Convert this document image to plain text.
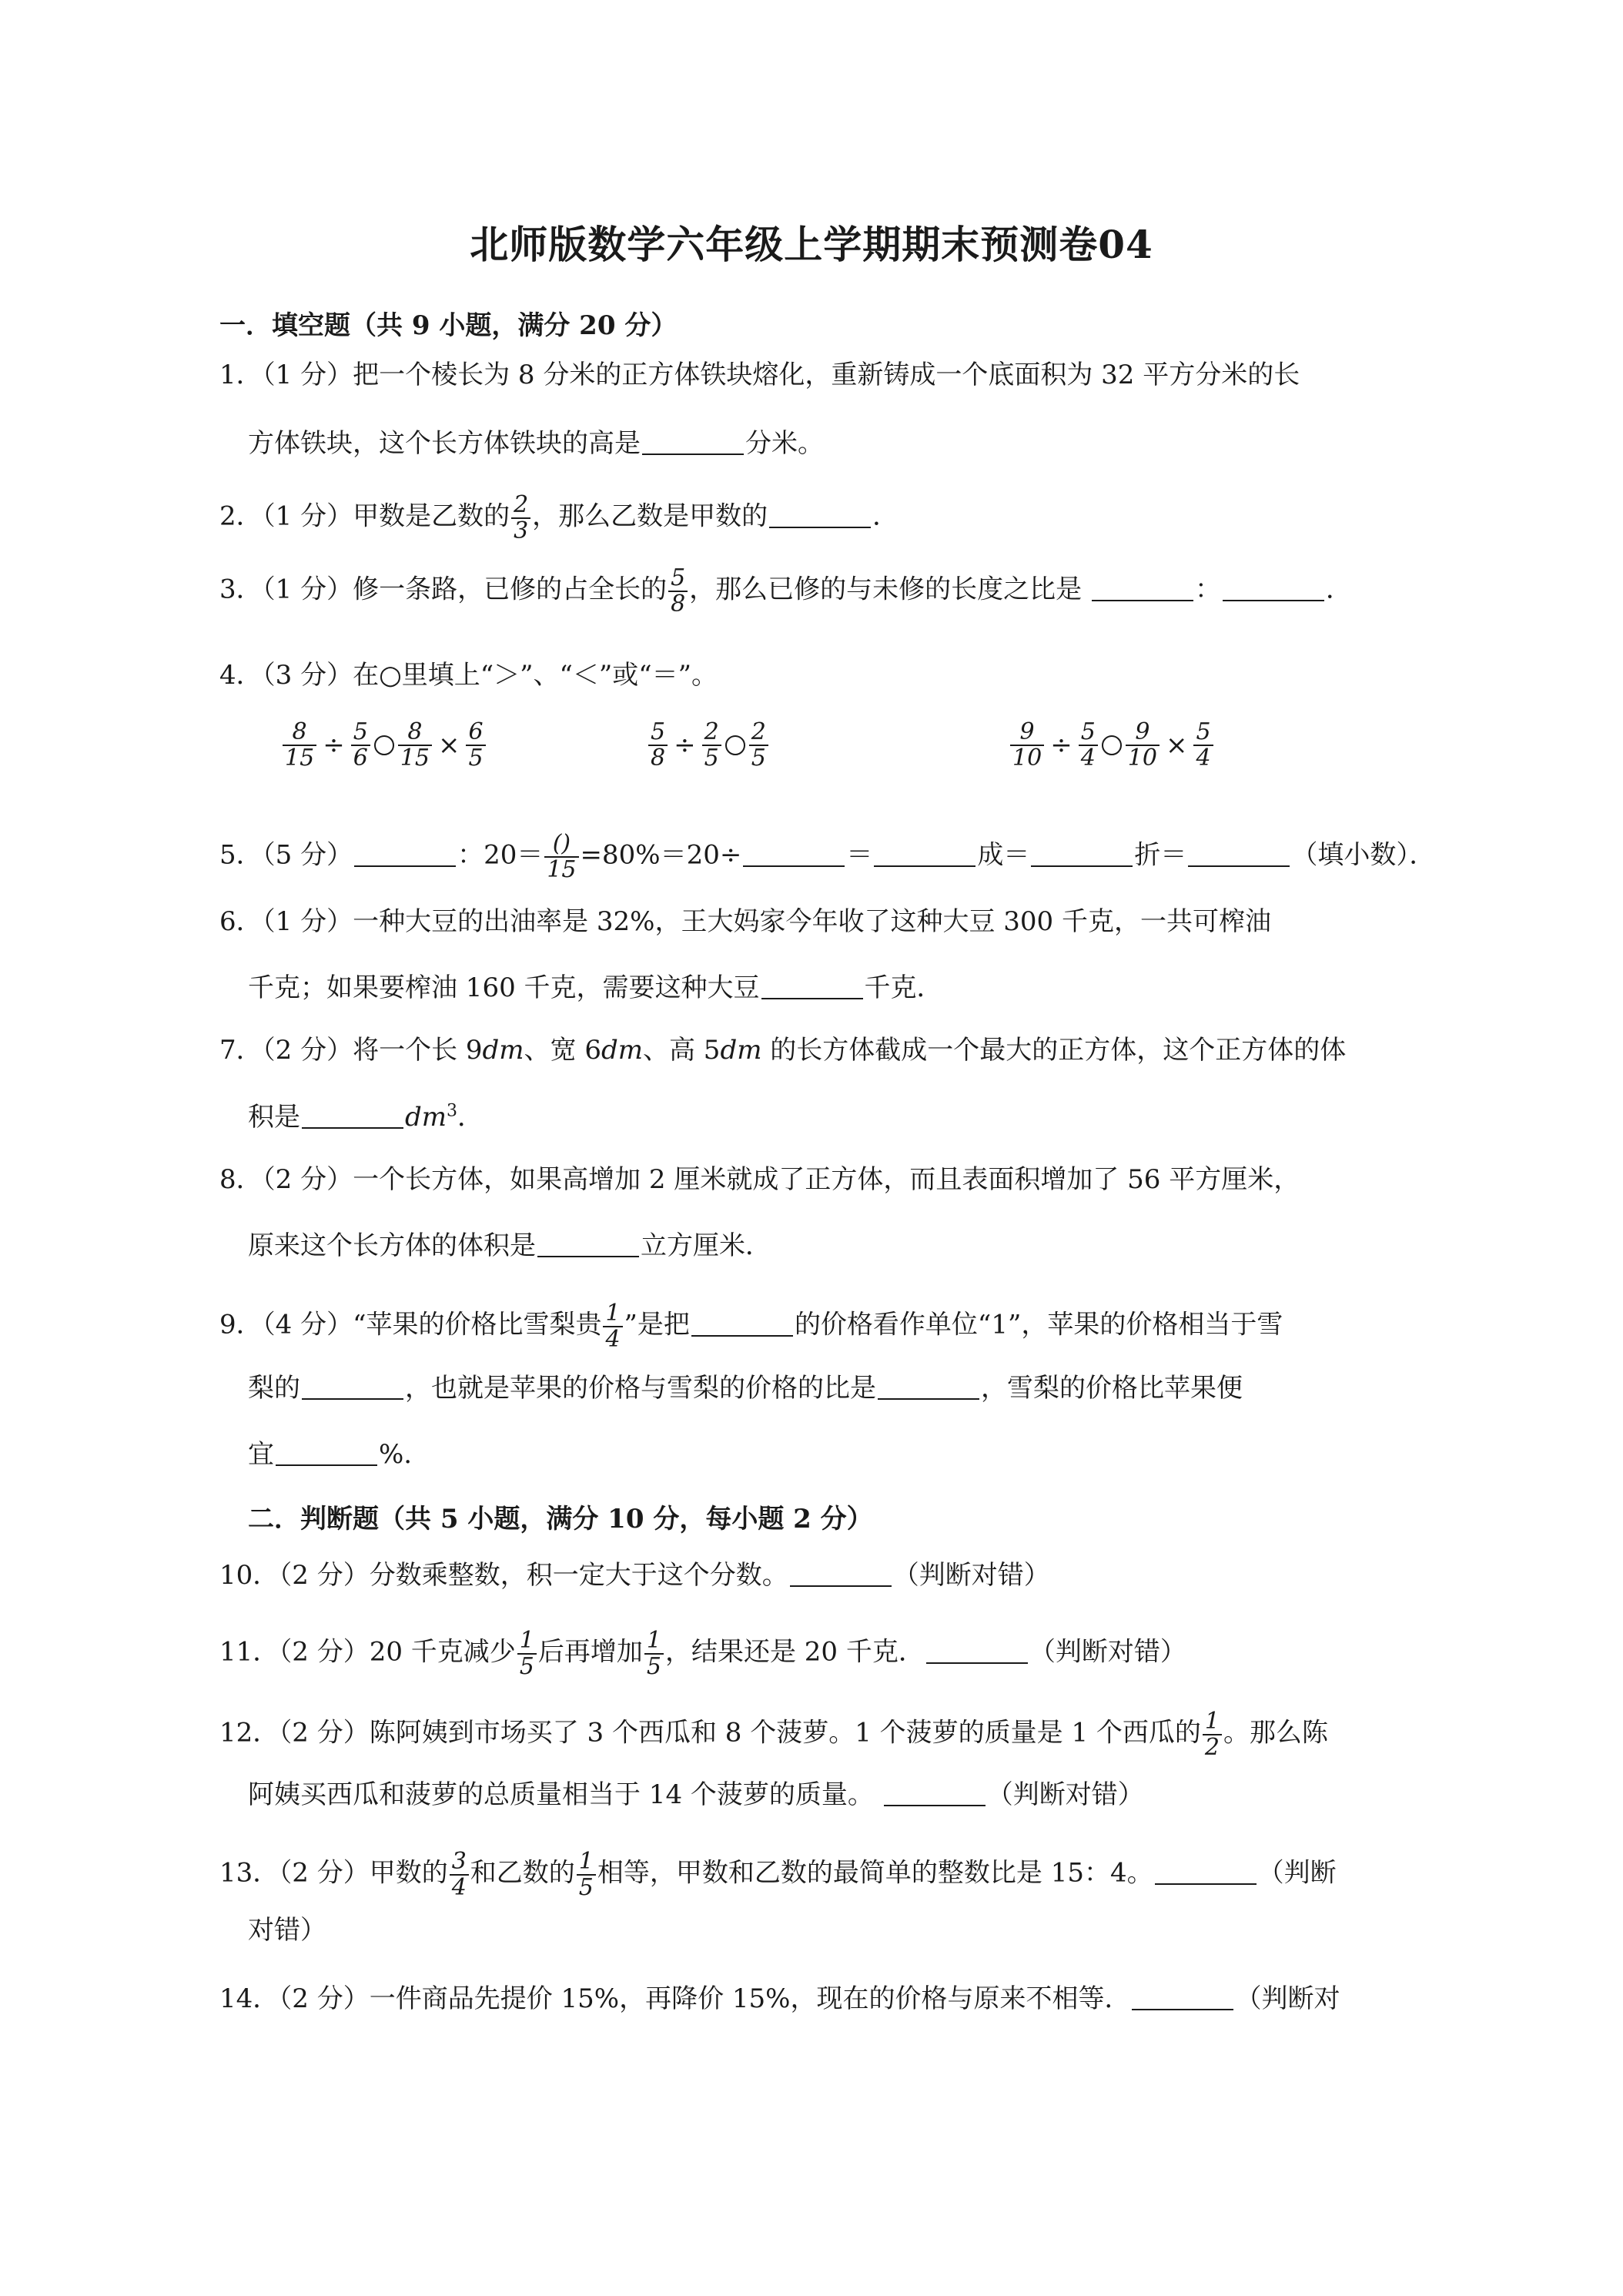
北师版数学六年级上学期期末预测卷04
一．填空题（共 9 小题，满分 20 分）
1．（1 分）把一个棱长为 8 分米的正方体铁块熔化，重新铸成一个底面积为 32 平方分米的长
方体铁块，这个长方体铁块的高是	分米。
2．（1 分）甲数是乙数的 $\frac{2}{3}$ ，那么乙数是甲数的	．
3．（1 分）修一条路，已修的占全长的 $\frac{5}{8}$ ，那么已修的与未修的长度之比是	：	．
4．（3 分）在○里填上“＞”、“＜”或“＝”。
$\frac{8}{15} \div \frac{5}{6} \frac{8}{15} \times \frac{6}{5}$	$\frac{5}{8} \div \frac{2}{5} \frac{2}{5}$	$\frac{9}{10} \div \frac{5}{4} \frac{9}{10} \times \frac{5}{4}$
5．（5 分）	：$20= \frac{()}{15} =80\%=20\div$	＝	成＝	折＝	（填小数）．
6．（1 分）一种大豆的出油率是 32%，王大妈家今年收了这种大豆 300 千克，一共可榨油
千克；如果要榨油 160 千克，需要这种大豆	千克．
7．（2 分）将一个长 9dm、宽 6dm、高 5dm 的长方体截成一个最大的正方体，这个正方体的体
积是	$dm^3$．
8．（2 分）一个长方体，如果高增加 2 厘米就成了正方体，而且表面积增加了 56 平方厘米，
原来这个长方体的体积是	立方厘米．
9．（4 分）“苹果的价格比雪梨贵 $\frac{1}{4}$ ”是把	的价格看作单位“1”，苹果的价格相当于雪
梨的	，也就是苹果的价格与雪梨的价格的比是	，雪梨的价格比苹果便
宜	%.
二．判断题（共 5 小题，满分 10 分，每小题 2 分）
10．（2 分）分数乘整数，积一定大于这个分数。	（判断对错）
11．（2 分）20 千克减少 $\frac{1}{5}$ 后再增加 $\frac{1}{5}$ ，结果还是 20 千克．	（判断对错）
12．（2 分）陈阿姨到市场买了 3 个西瓜和 8 个菠萝。1 个菠萝的质量是 1 个西瓜的 $\frac{1}{2}$ 。那么陈
阿姨买西瓜和菠萝的总质量相当于 14 个菠萝的质量。	（判断对错）
13．（2 分）甲数的 $\frac{3}{4}$ 和乙数的 $\frac{1}{5}$ 相等，甲数和乙数的最简单的整数比是 15：4。	（判断
对错）
14．（2 分）一件商品先提价 15%，再降价 15%，现在的价格与原来不相等．	（判断对
